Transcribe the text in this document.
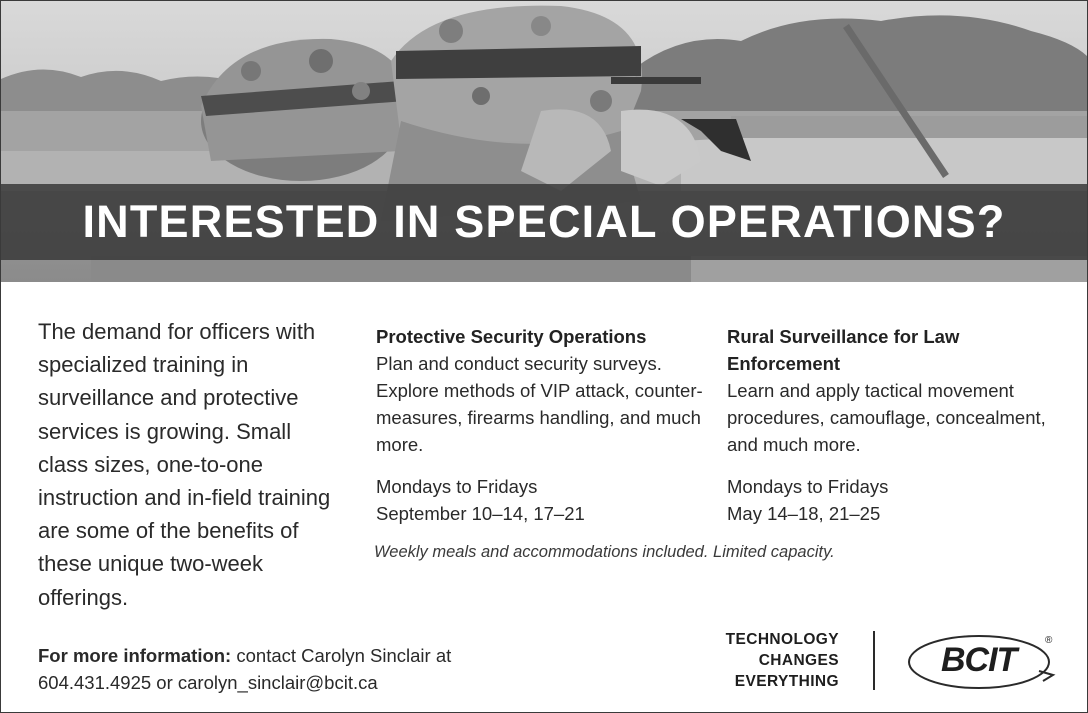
INTERESTED IN SPECIAL OPERATIONS?

The demand for officers with specialized training in surveillance and protective services is growing. Small class sizes, one-to-one instruction and in-field training are some of the benefits of these unique two-week offerings.

Protective Security Operations

Plan and conduct security surveys. Explore methods of VIP attack, counter-measures, firearms handling, and much more.

Mondays to Fridays

September 10–14, 17–21

Rural Surveillance for Law Enforcement

Learn and apply tactical movement procedures, camouflage, concealment, and much more.

Mondays to Fridays

May 14–18, 21–25

Weekly meals and accommodations included. Limited capacity.

For more information: contact Carolyn Sinclair at
604.431.4925 or carolyn_sinclair@bcit.ca

TECHNOLOGY
CHANGES
EVERYTHING

BCIT
®
